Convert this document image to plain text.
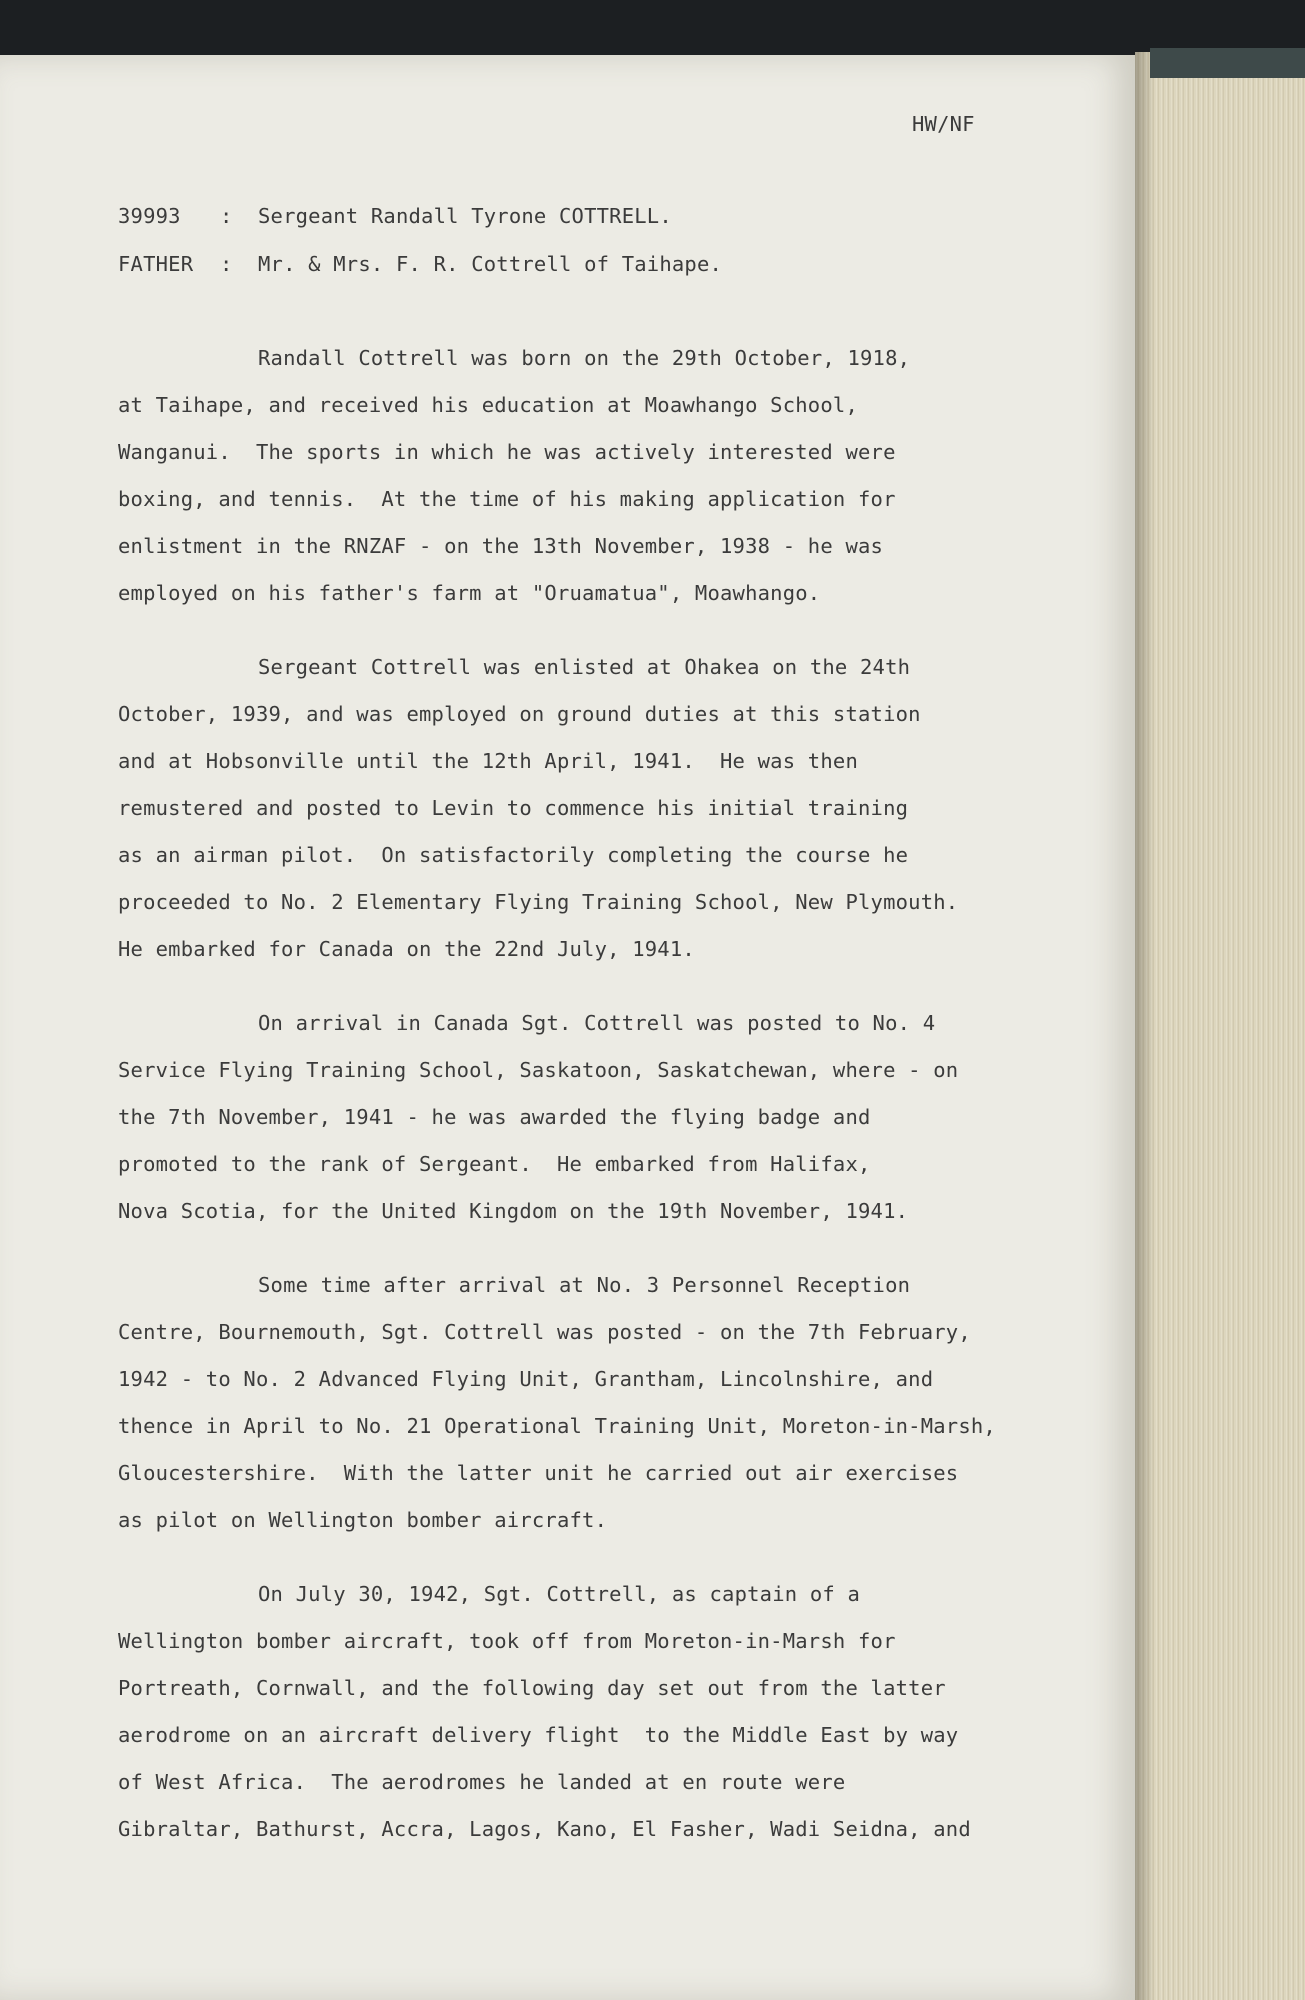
HW/NF
39993 : Sergeant Randall Tyrone COTTRELL.
FATHER : Mr. & Mrs. F. R. Cottrell of Taihape.
Randall Cottrell was born on the 29th October, 1918,
at Taihape, and received his education at Moawhango School,
Wanganui.  The sports in which he was actively interested were
boxing, and tennis.  At the time of his making application for
enlistment in the RNZAF - on the 13th November, 1938 - he was
employed on his father's farm at "Oruamatua", Moawhango.
Sergeant Cottrell was enlisted at Ohakea on the 24th
October, 1939, and was employed on ground duties at this station
and at Hobsonville until the 12th April, 1941.  He was then
remustered and posted to Levin to commence his initial training
as an airman pilot.  On satisfactorily completing the course he
proceeded to No. 2 Elementary Flying Training School, New Plymouth.
He embarked for Canada on the 22nd July, 1941.
On arrival in Canada Sgt. Cottrell was posted to No. 4
Service Flying Training School, Saskatoon, Saskatchewan, where - on
the 7th November, 1941 - he was awarded the flying badge and
promoted to the rank of Sergeant.  He embarked from Halifax,
Nova Scotia, for the United Kingdom on the 19th November, 1941.
Some time after arrival at No. 3 Personnel Reception
Centre, Bournemouth, Sgt. Cottrell was posted - on the 7th February,
1942 - to No. 2 Advanced Flying Unit, Grantham, Lincolnshire, and
thence in April to No. 21 Operational Training Unit, Moreton-in-Marsh,
Gloucestershire.  With the latter unit he carried out air exercises
as pilot on Wellington bomber aircraft.
On July 30, 1942, Sgt. Cottrell, as captain of a
Wellington bomber aircraft, took off from Moreton-in-Marsh for
Portreath, Cornwall, and the following day set out from the latter
aerodrome on an aircraft delivery flight  to the Middle East by way
of West Africa.  The aerodromes he landed at en route were
Gibraltar, Bathurst, Accra, Lagos, Kano, El Fasher, Wadi Seidna, and
